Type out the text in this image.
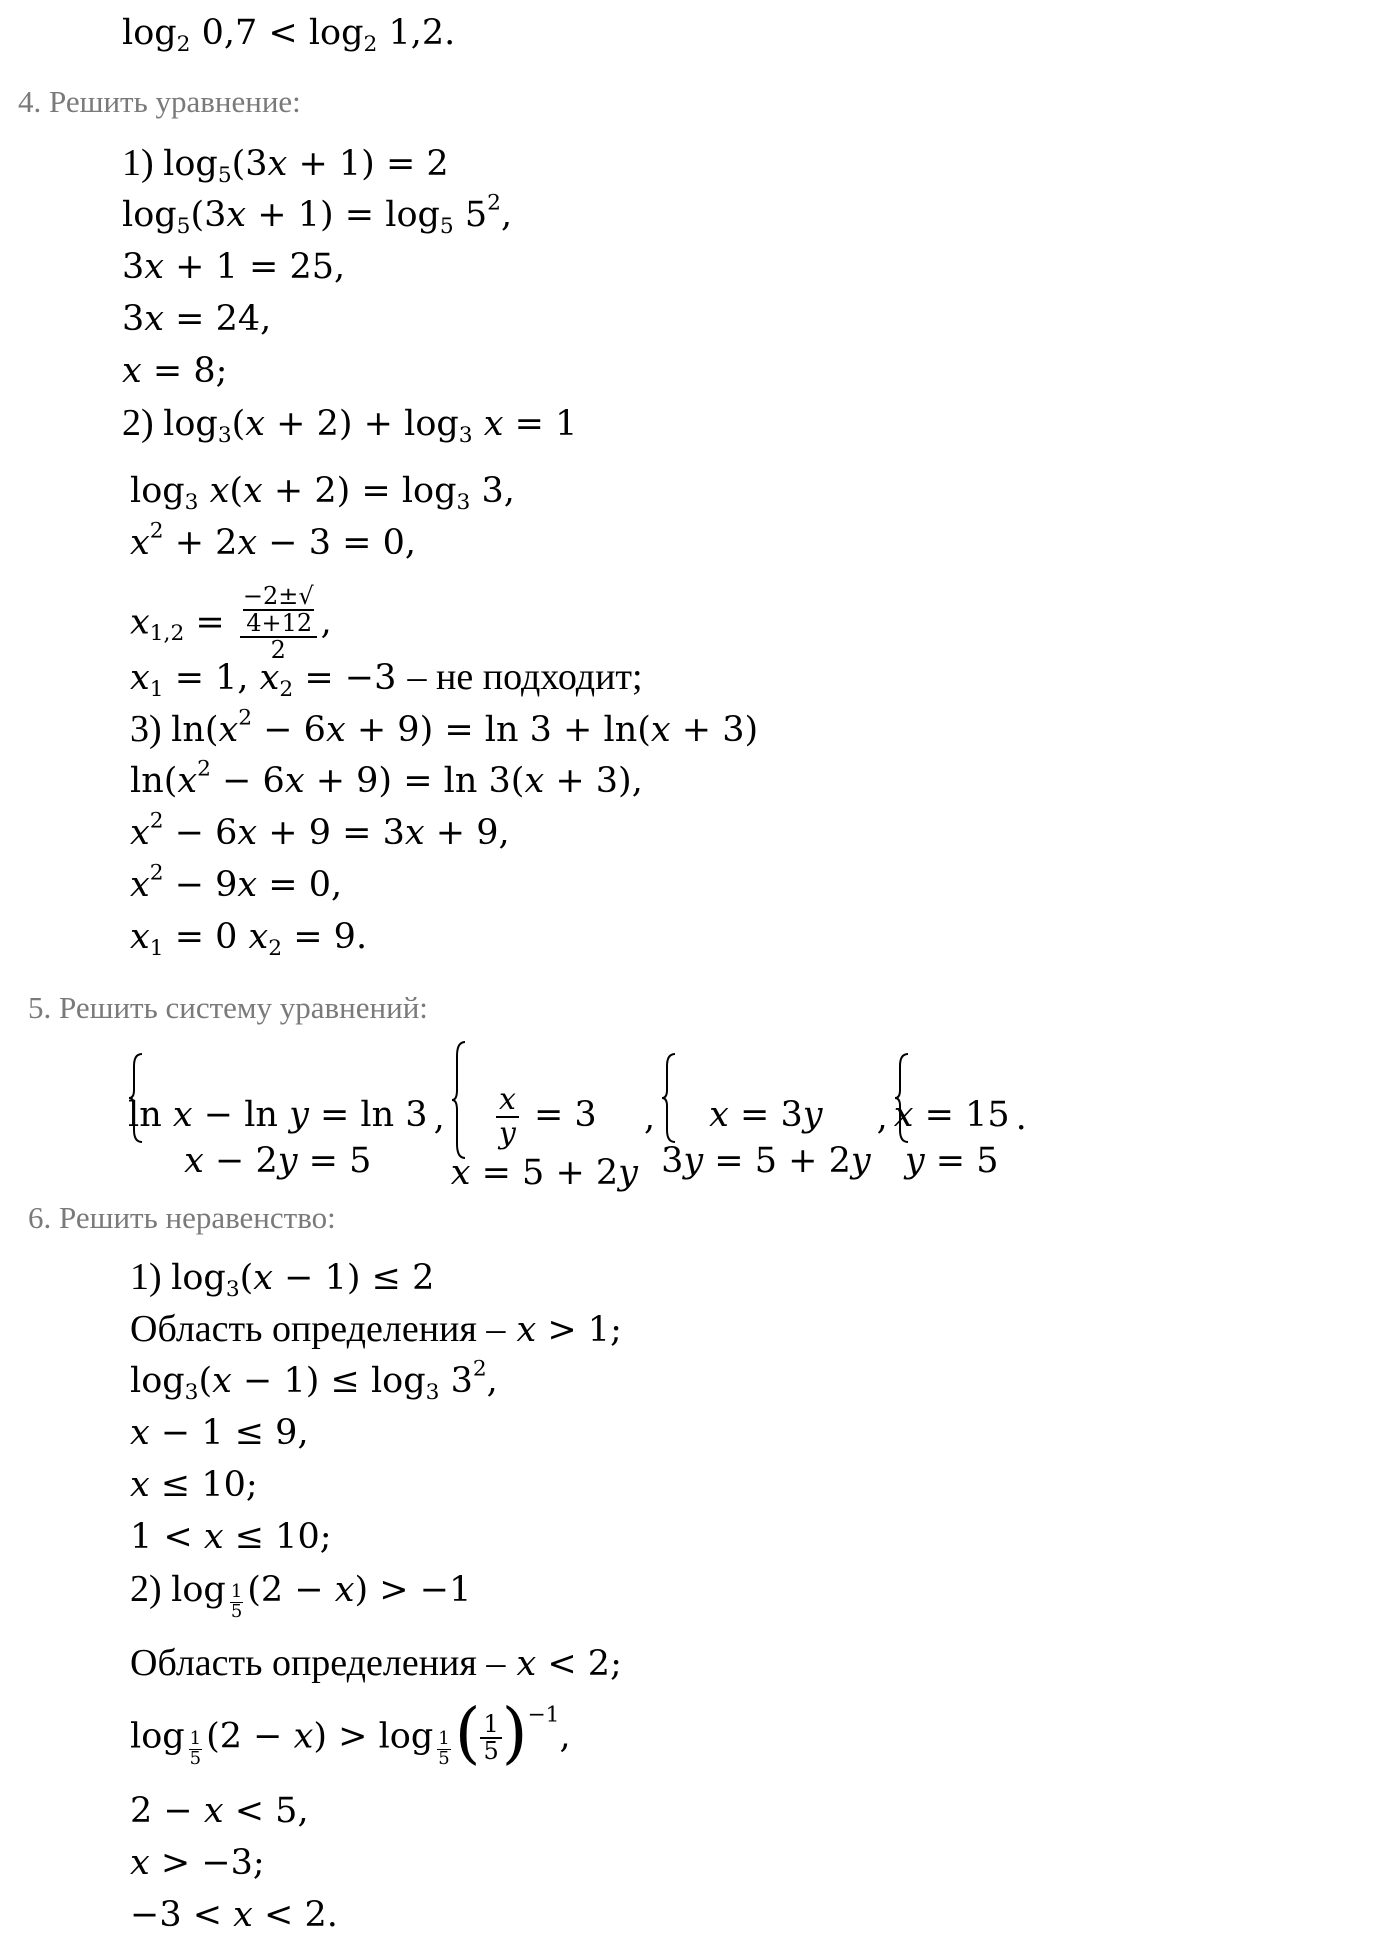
$\log_2 0,7 < \log_2 1,2$.
4. Решить уравнение:
1) $\log_5(3x + 1) = 2$
$\log_5(3x + 1) = \log_5 5^2$,
3x + 1 = 25,
3x = 24,
x = 8;
2) $\log_3(x + 2) + \log_3 x = 1$
$\log_3 x(x + 2) = \log_3 3$,
$x^2 + 2x - 3 = 0$,
$x_{1,2} = -2\pm√$
4+12
2 ,
$x_1 = 1$, $x_2 = -3$ – не подходит;
3) $\ln(x^2 - 6x + 9) = \ln 3 + \ln(x + 3)$
$\ln(x^2 - 6x + 9) = \ln 3(x + 3)$,
$x^2 - 6x + 9 = 3x + 9$,
$x^2 - 9x = 0$,
$x_1 = 0$ $x_2 = 9$.
5. Решить систему уравнений:
ln x − ln y = ln 3
x − 2y = 5
, $\frac{x}{y} = 3$
x = 5 + 2y
,	x = 3y
3y = 5 + 2y
, x = 15
y = 5
.
6. Решить неравенство:
1) $\log_3(x - 1) \le 2$
Область определения – x > 1;
$\log_3(x - 1) \le \log_3 3^2$,
x − 1 ≤ 9,
x ≤ 10;
1 < x ≤ 10;
2) $\log \frac{1}{5} (2 - x) > -1$
Область определения – x < 2;
$\log \frac{1}{5} (2 - x) > \log \frac{1}{5}$ ( $\frac{1}{5} )^{-1}$,
2 − x < 5,
x > −3;
−3 < x < 2.
